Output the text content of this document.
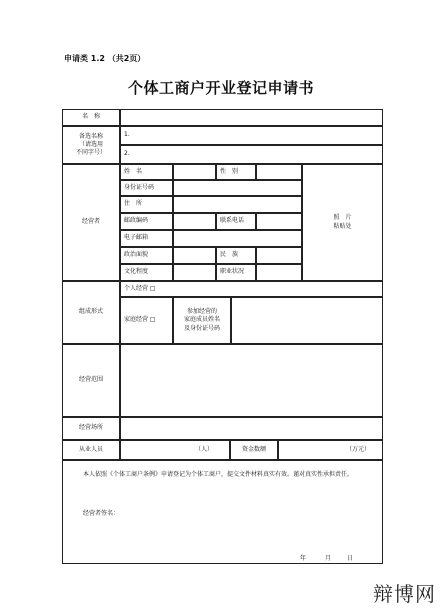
申请类 1.2 （共2页）
个体工商户开业登记申请书
名　称
备选名称
（请选用
不同字号）
1.
2.
经营者
姓　名	性　别
身份证号码
住　所
邮政编码	联系电话
电子邮箱
政治面貌	民　族
文化程度	职业状况
照　片
粘贴处
组成形式
个人经营 □
家庭经营 □
参加经营的
家庭成员姓名
及身份证号码
经营范围
经营场所
从业人员	（人）	资金数额	（万元）
本人依照《个体工商户条例》申请登记为个体工商户，提交文件材料真实有效。谨对真实性承担责任。
经营者签名：
年	月	日
辩博网
